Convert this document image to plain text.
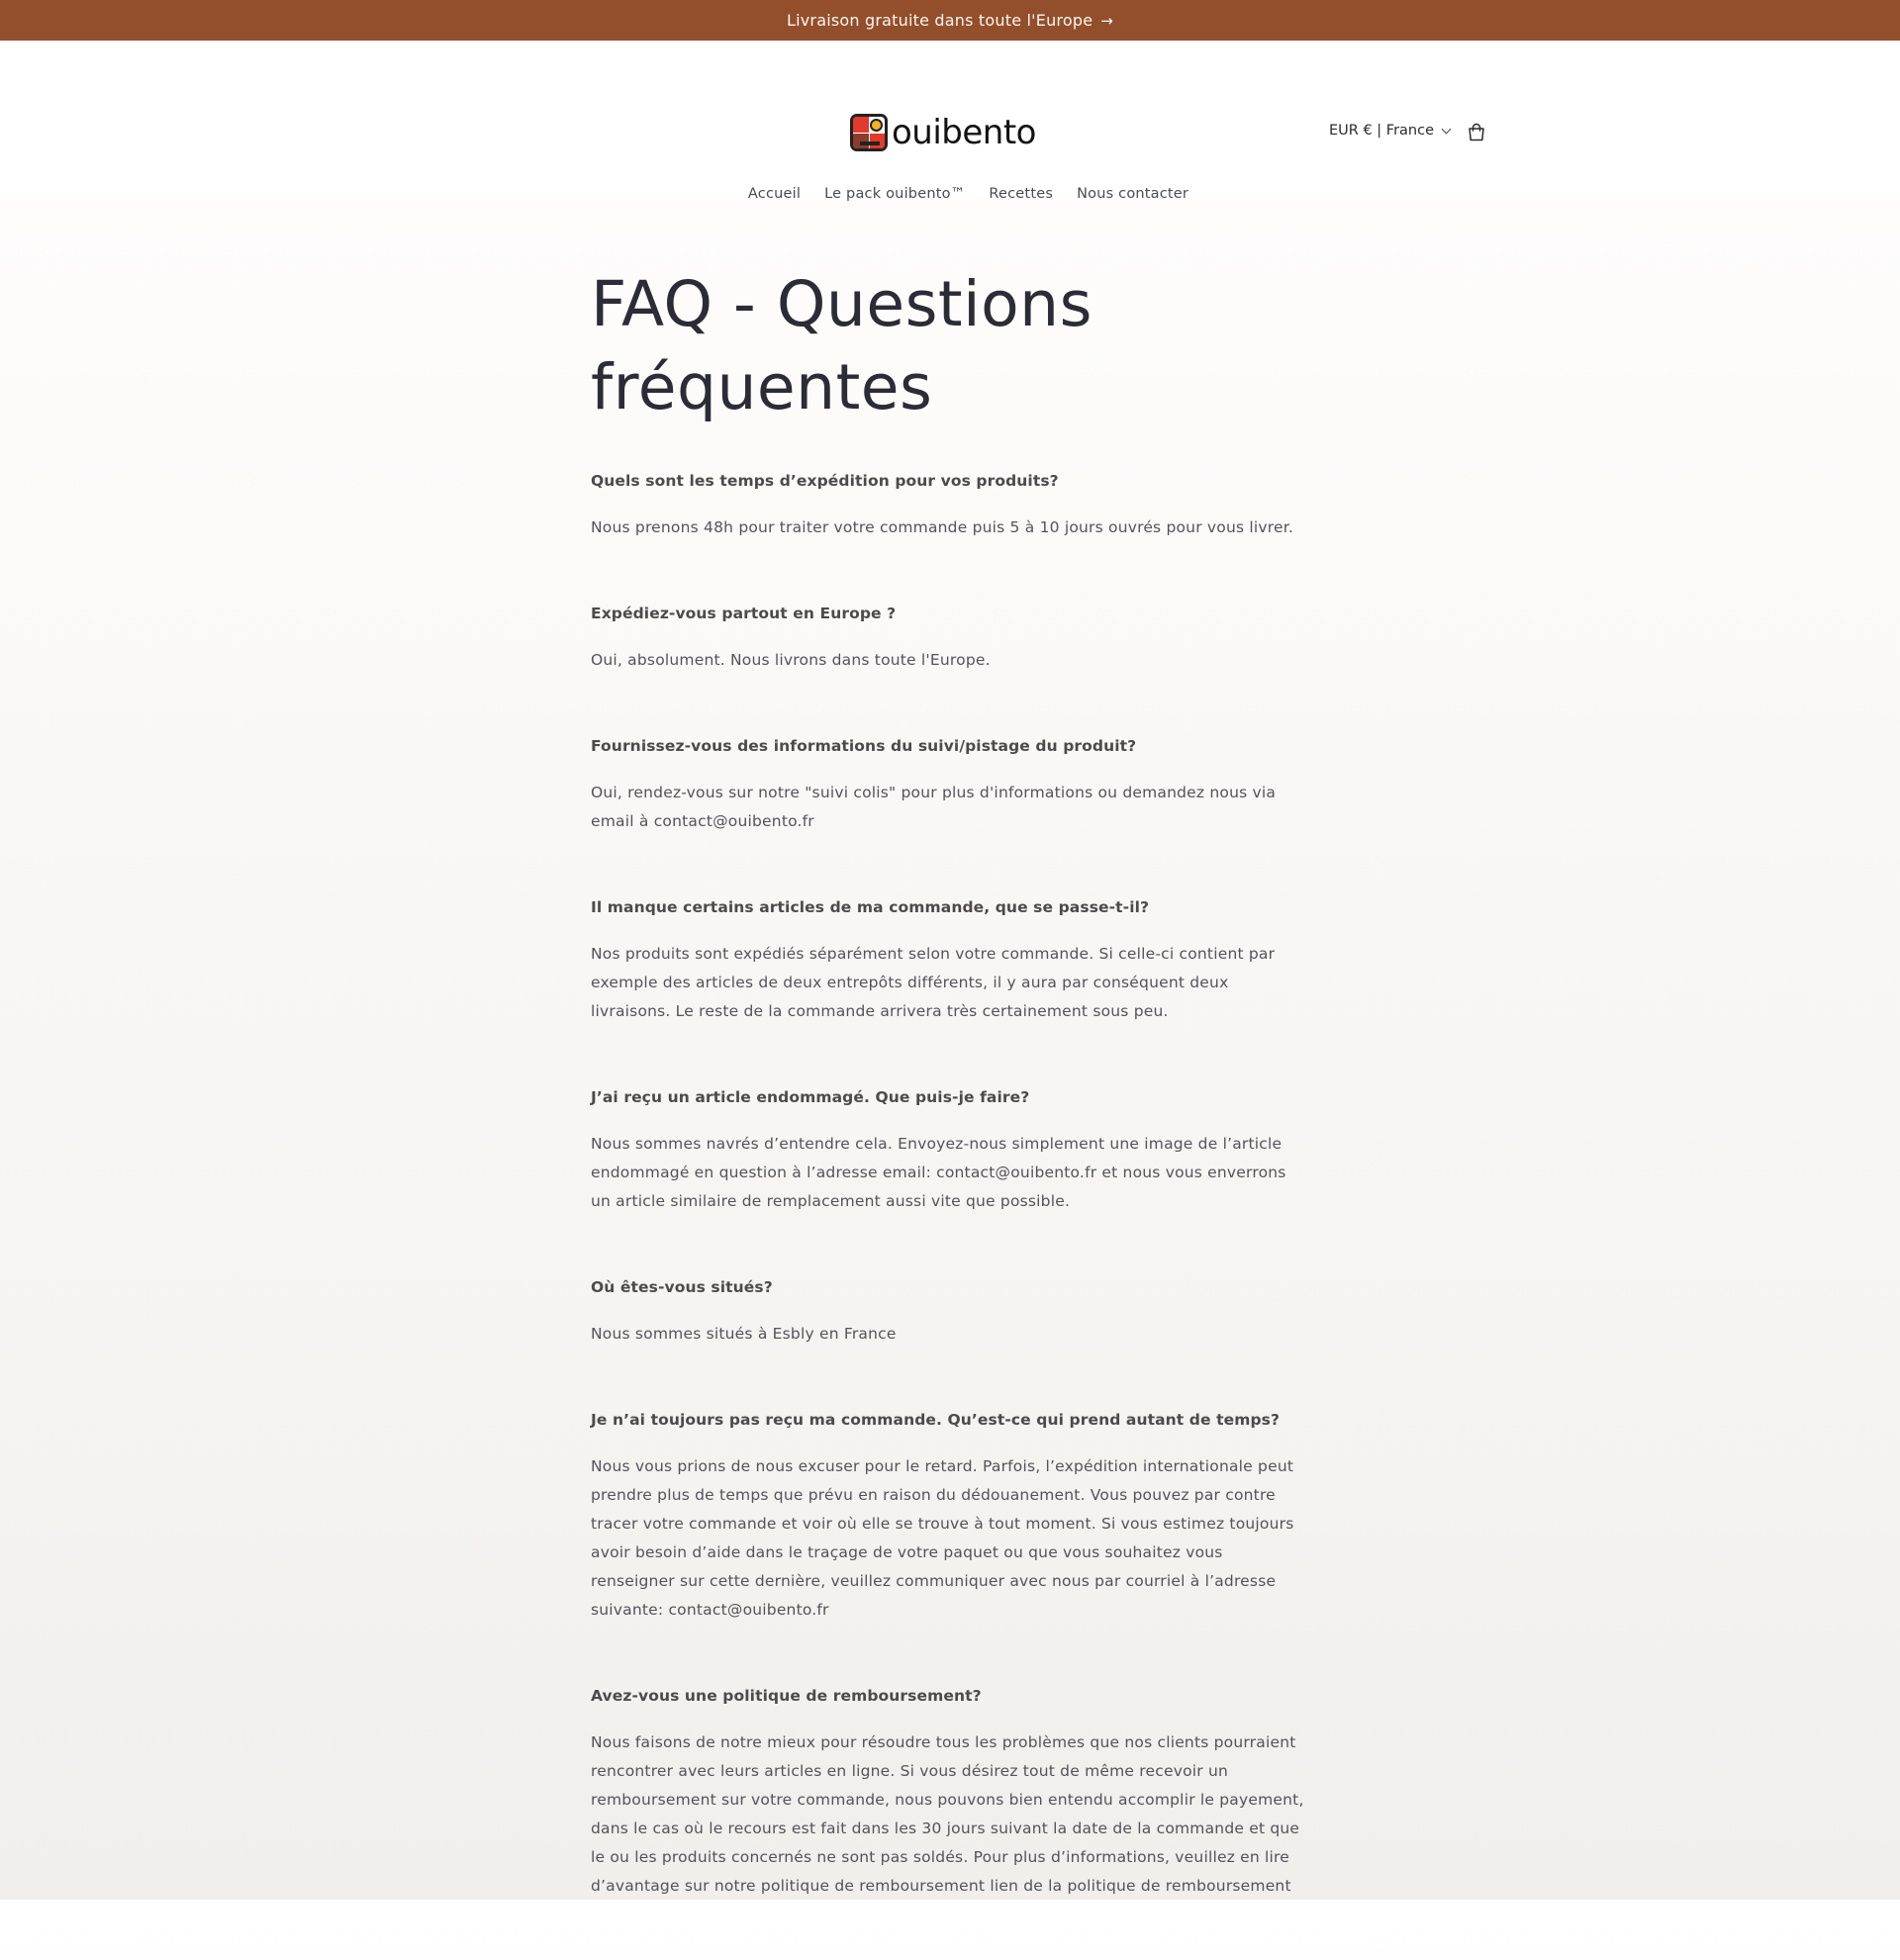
Livraison gratuite dans toute l'Europe →
ouibento	EUR € | France
Accueil Le pack ouibento™ Recettes Nous contacter
FAQ - Questions fréquentes

Quels sont les temps d’expédition pour vos produits?

Nous prenons 48h pour traiter votre commande puis 5 à 10 jours ouvrés pour vous livrer.

Expédiez-vous partout en Europe ?

Oui, absolument. Nous livrons dans toute l'Europe.

Fournissez-vous des informations du suivi/pistage du produit?

Oui, rendez-vous sur notre "suivi colis" pour plus d'informations ou demandez nous via email à contact@ouibento.fr

Il manque certains articles de ma commande, que se passe-t-il?

Nos produits sont expédiés séparément selon votre commande. Si celle-ci contient par exemple des articles de deux entrepôts différents, il y aura par conséquent deux livraisons. Le reste de la commande arrivera très certainement sous peu.

J’ai reçu un article endommagé. Que puis-je faire?

Nous sommes navrés d’entendre cela. Envoyez-nous simplement une image de l’article endommagé en question à l’adresse email: contact@ouibento.fr et nous vous enverrons un article similaire de remplacement aussi vite que possible.

Où êtes-vous situés?

Nous sommes situés à Esbly en France

Je n’ai toujours pas reçu ma commande. Qu’est-ce qui prend autant de temps?

Nous vous prions de nous excuser pour le retard. Parfois, l’expédition internationale peut prendre plus de temps que prévu en raison du dédouanement. Vous pouvez par contre tracer votre commande et voir où elle se trouve à tout moment. Si vous estimez toujours avoir besoin d’aide dans le traçage de votre paquet ou que vous souhaitez vous renseigner sur cette dernière, veuillez communiquer avec nous par courriel à l’adresse suivante: contact@ouibento.fr

Avez-vous une politique de remboursement?

Nous faisons de notre mieux pour résoudre tous les problèmes que nos clients pourraient rencontrer avec leurs articles en ligne. Si vous désirez tout de même recevoir un remboursement sur votre commande, nous pouvons bien entendu accomplir le payement, dans le cas où le recours est fait dans les 30 jours suivant la date de la commande et que le ou les produits concernés ne sont pas soldés. Pour plus d’informations, veuillez en lire d’avantage sur notre politique de remboursement lien de la politique de remboursement
